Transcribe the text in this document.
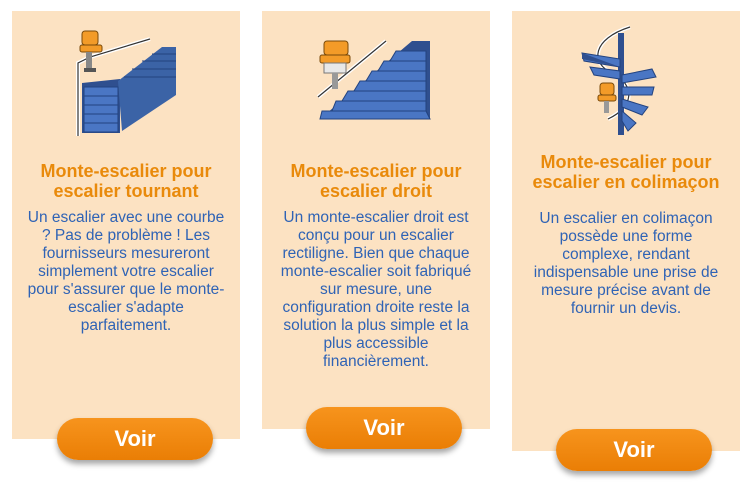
Monte-escalier pour escalier tournant

Un escalier avec une courbe ? Pas de problème ! Les fournisseurs mesureront simplement votre escalier pour s'assurer que le monte-escalier s'adapte parfaitement.

Monte-escalier pour escalier droit

Un monte-escalier droit est conçu pour un escalier rectiligne. Bien que chaque monte-escalier soit fabriqué sur mesure, une configuration droite reste la solution la plus simple et la plus accessible financièrement.

Monte-escalier pour escalier en colimaçon

Un escalier en colimaçon possède une forme complexe, rendant indispensable une prise de mesure précise avant de fournir un devis.

Voir	Voir
Voir
